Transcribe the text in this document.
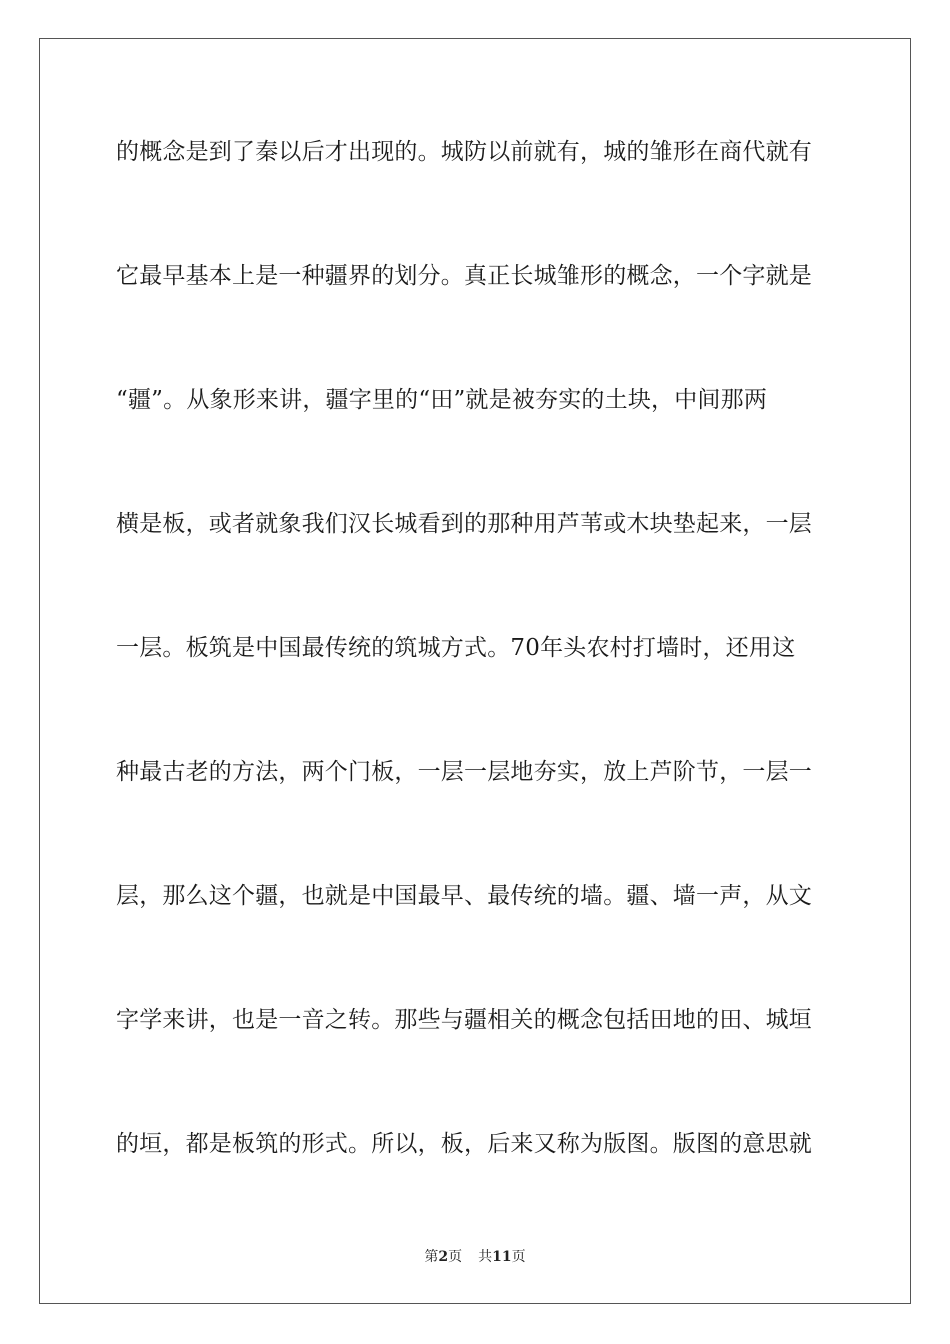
的概念是到了秦以后才出现的。城防以前就有，城的雏形在商代就有
它最早基本上是一种疆界的划分。真正长城雏形的概念，一个字就是
“疆”。从象形来讲，疆字里的“田”就是被夯实的土块，中间那两
横是板，或者就象我们汉长城看到的那种用芦苇或木块垫起来，一层
一层。板筑是中国最传统的筑城方式。70年头农村打墙时，还用这
种最古老的方法，两个门板，一层一层地夯实，放上芦阶节，一层一
层，那么这个疆，也就是中国最早、最传统的墙。疆、墙一声，从文
字学来讲，也是一音之转。那些与疆相关的概念包括田地的田、城垣
的垣，都是板筑的形式。所以，板，后来又称为版图。版图的意思就
第2页 共11页
